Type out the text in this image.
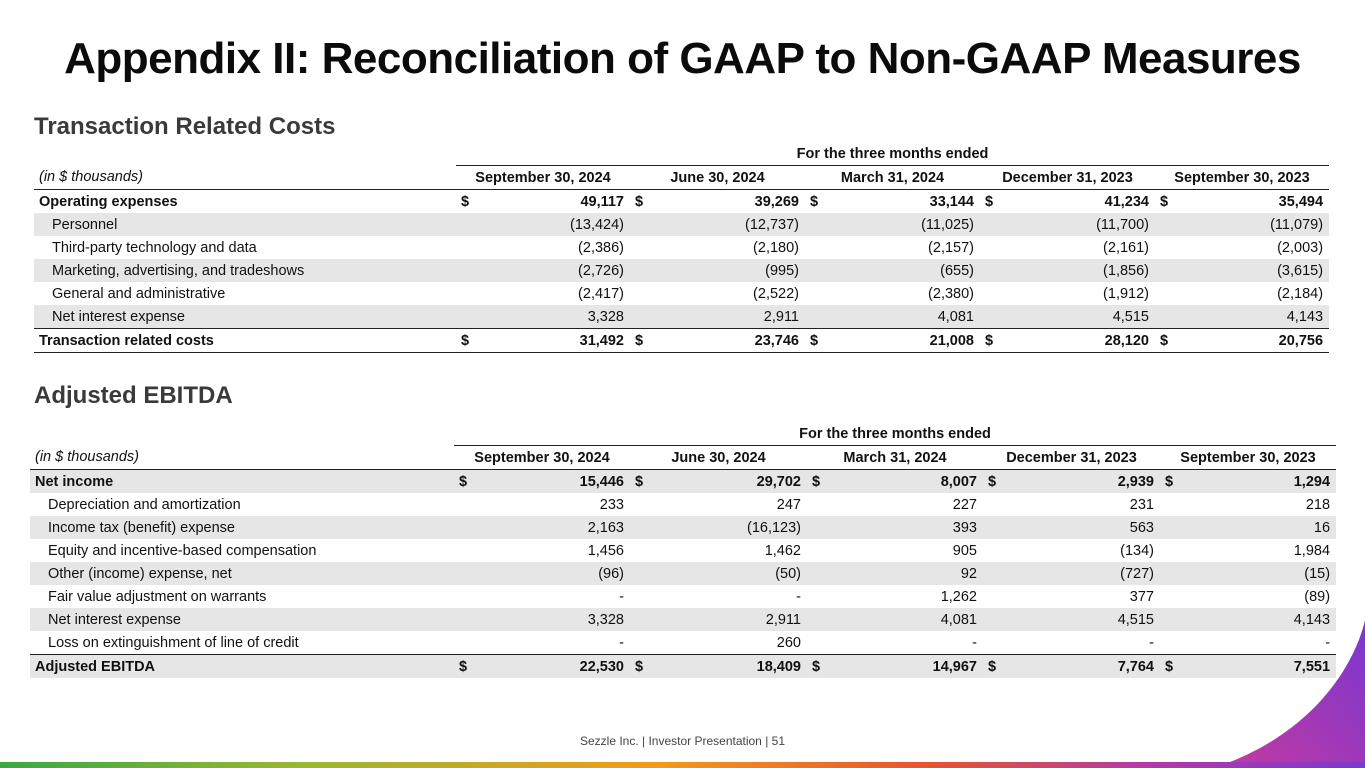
Appendix II: Reconciliation of GAAP to Non-GAAP Measures
Transaction Related Costs
	For the three months ended									
(in $ thousands)	September 30, 2024		June 30, 2024		March 31, 2024		December 31, 2023		September 30, 2023	
Operating expenses	$	49,117	$	39,269	$	33,144	$	41,234	$	35,494
Personnel		(13,424)		(12,737)		(11,025)		(11,700)		(11,079)
Third-party technology and data		(2,386)		(2,180)		(2,157)		(2,161)		(2,003)
Marketing, advertising, and tradeshows		(2,726)		(995)		(655)		(1,856)		(3,615)
General and administrative		(2,417)		(2,522)		(2,380)		(1,912)		(2,184)
Net interest expense		3,328		2,911		4,081		4,515		4,143
Transaction related costs	$	31,492	$	23,746	$	21,008	$	28,120	$	20,756
Adjusted EBITDA
	For the three months ended									
(in $ thousands)	September 30, 2024		June 30, 2024		March 31, 2024		December 31, 2023		September 30, 2023	
Net income	$	15,446	$	29,702	$	8,007	$	2,939	$	1,294
Depreciation and amortization		233		247		227		231		218
Income tax (benefit) expense		2,163		(16,123)		393		563		16
Equity and incentive-based compensation		1,456		1,462		905		(134)		1,984
Other (income) expense, net		(96)		(50)		92		(727)		(15)
Fair value adjustment on warrants		-		-		1,262		377		(89)
Net interest expense		3,328		2,911		4,081		4,515		4,143
Loss on extinguishment of line of credit		-		260		-		-		-
Adjusted EBITDA	$	22,530	$	18,409	$	14,967	$	7,764	$	7,551
Sezzle Inc. | Investor Presentation | 51
